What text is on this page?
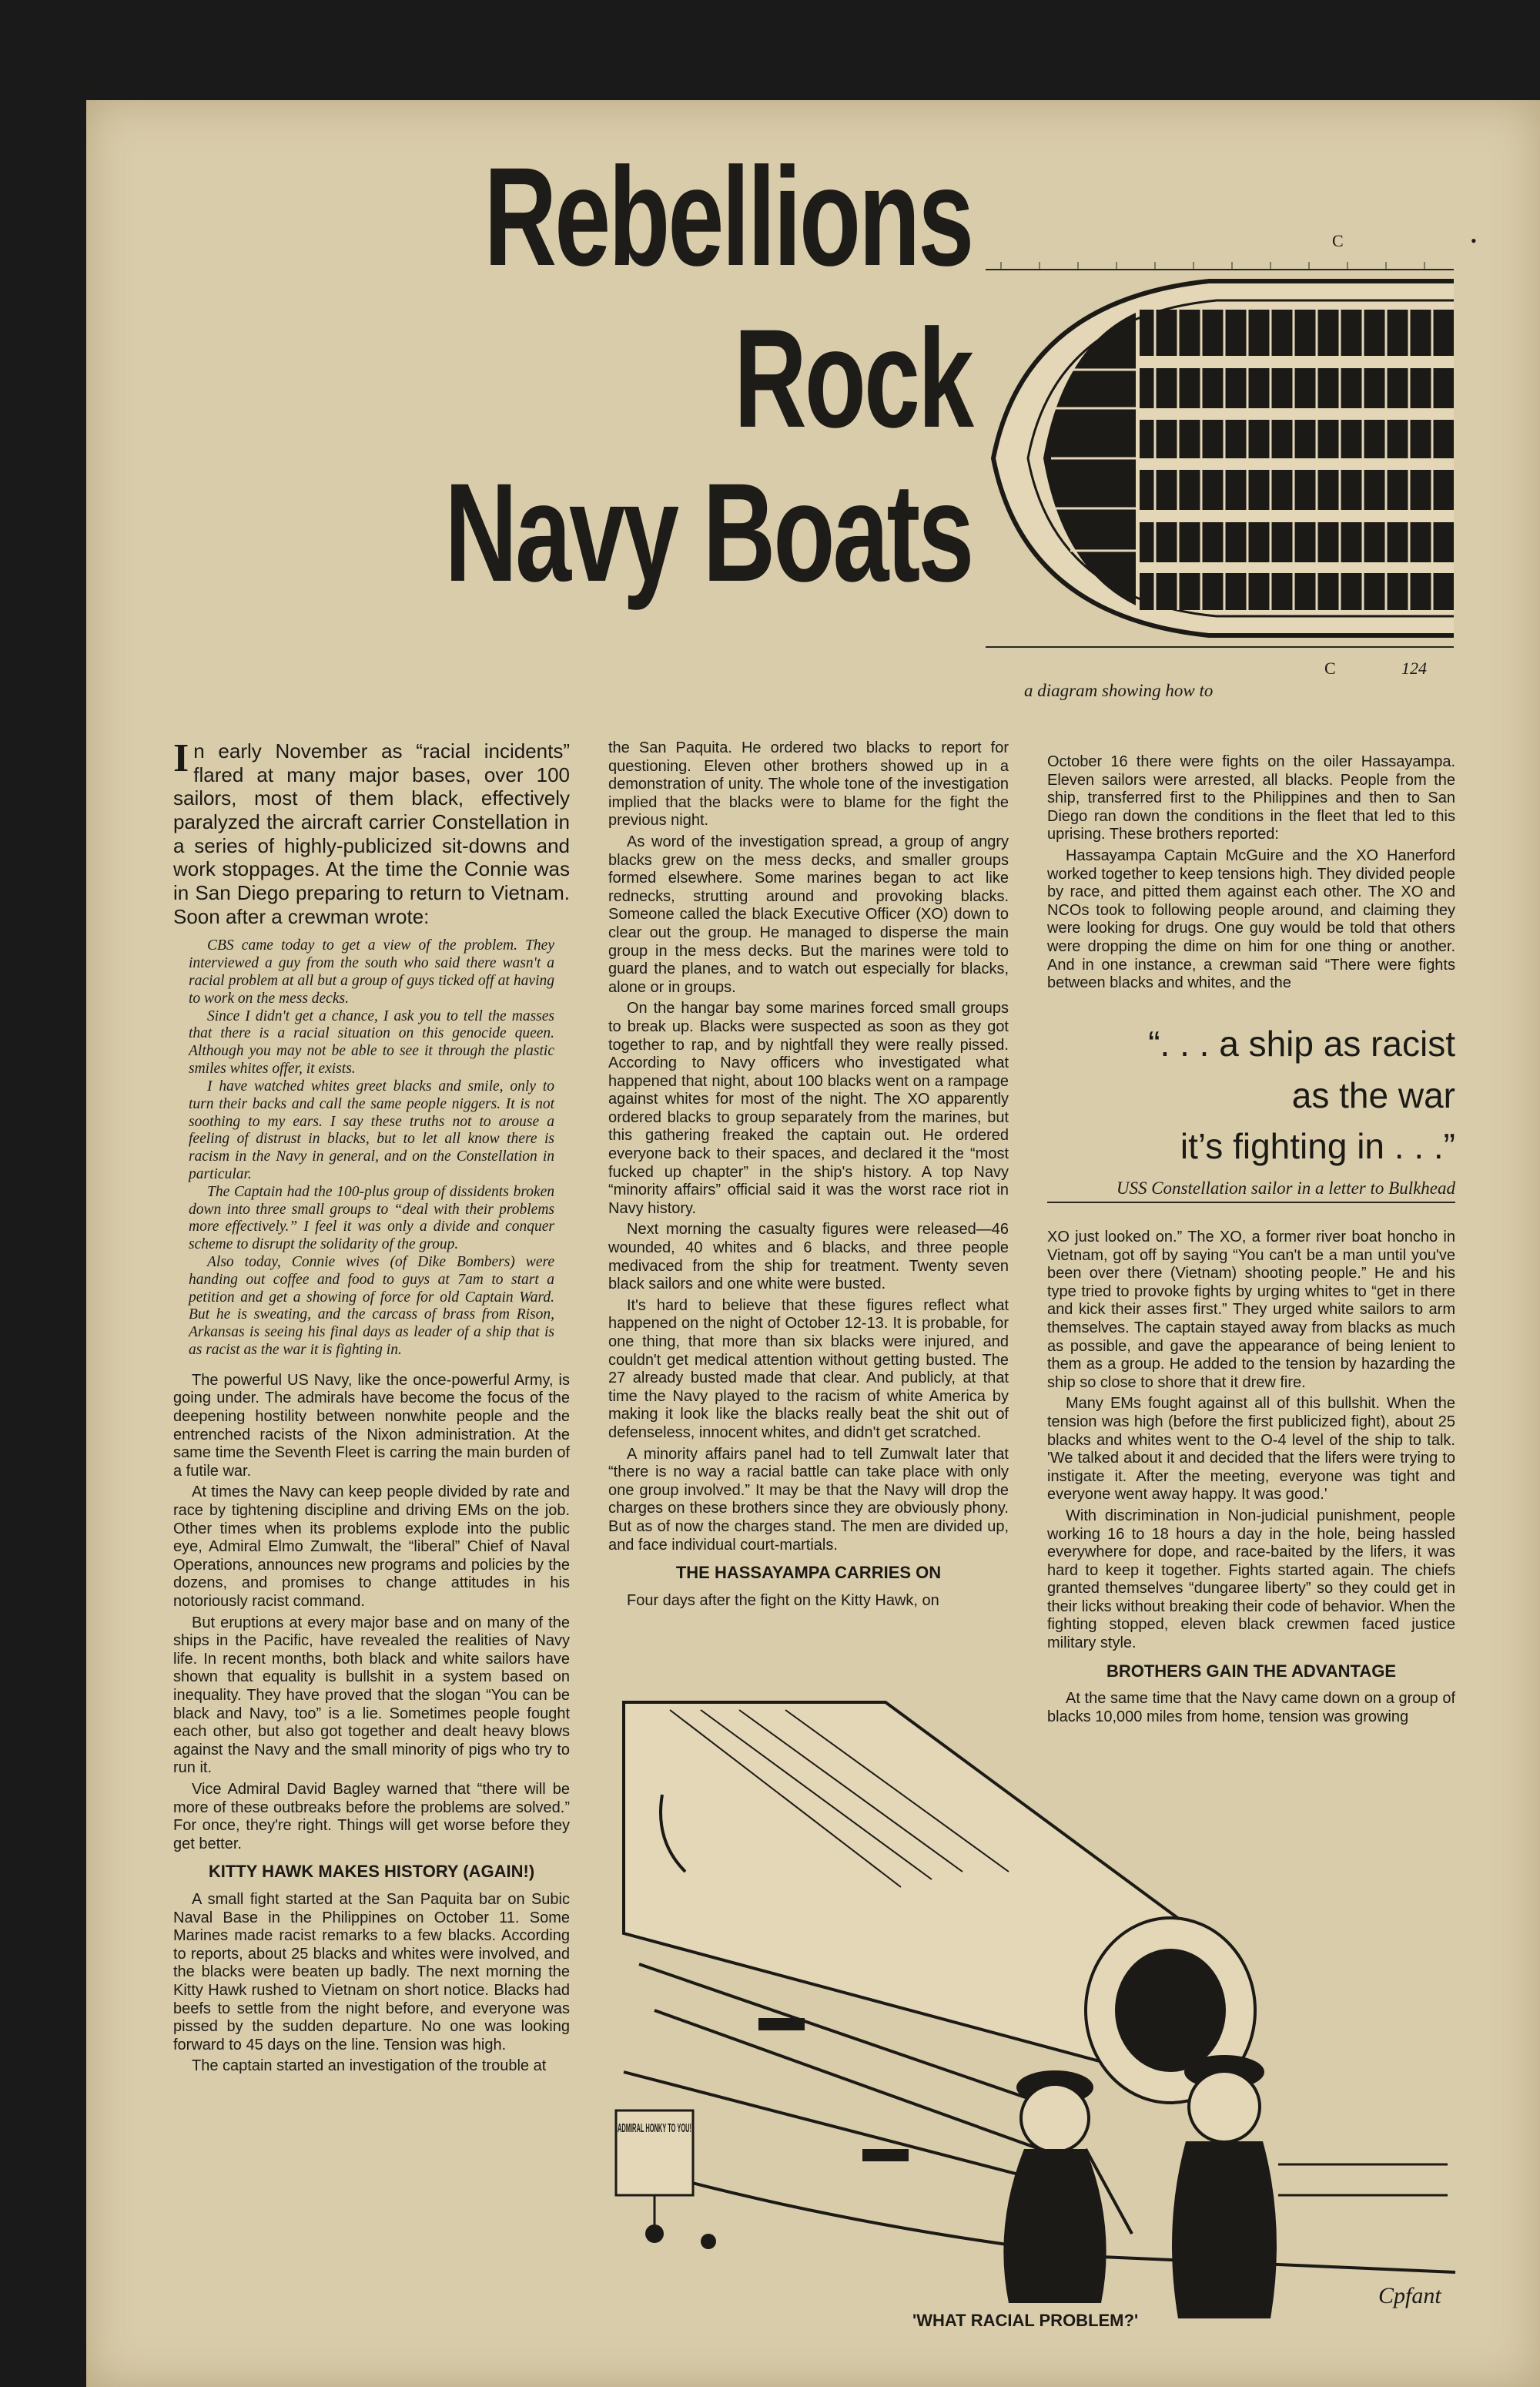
4
Rebellions
Rock
Navy Boats
C	•
C	124
a diagram showing how to
In early November as “racial incidents” flared at many major bases, over 100 sailors, most of them black, effectively paralyzed the aircraft carrier Constellation in a series of highly-publicized sit-downs and work stoppages. At the time the Connie was in San Diego preparing to return to Vietnam. Soon after a crewman wrote:

CBS came today to get a view of the problem. They interviewed a guy from the south who said there wasn't a racial problem at all but a group of guys ticked off at having to work on the mess decks.

Since I didn't get a chance, I ask you to tell the masses that there is a racial situation on this genocide queen. Although you may not be able to see it through the plastic smiles whites offer, it exists.

I have watched whites greet blacks and smile, only to turn their backs and call the same people niggers. It is not soothing to my ears. I say these truths not to arouse a feeling of distrust in blacks, but to let all know there is racism in the Navy in general, and on the Constellation in particular.

The Captain had the 100-plus group of dissidents broken down into three small groups to “deal with their problems more effectively.” I feel it was only a divide and conquer scheme to disrupt the solidarity of the group.

Also today, Connie wives (of Dike Bombers) were handing out coffee and food to guys at 7am to start a petition and get a showing of force for old Captain Ward. But he is sweating, and the carcass of brass from Rison, Arkansas is seeing his final days as leader of a ship that is as racist as the war it is fighting in.

The powerful US Navy, like the once-powerful Army, is going under. The admirals have become the focus of the deepening hostility between nonwhite people and the entrenched racists of the Nixon administration. At the same time the Seventh Fleet is carring the main burden of a futile war.

At times the Navy can keep people divided by rate and race by tightening discipline and driving EMs on the job. Other times when its problems explode into the public eye, Admiral Elmo Zumwalt, the “liberal” Chief of Naval Operations, announces new programs and policies by the dozens, and promises to change attitudes in his notoriously racist command.

But eruptions at every major base and on many of the ships in the Pacific, have revealed the realities of Navy life. In recent months, both black and white sailors have shown that equality is bullshit in a system based on inequality. They have proved that the slogan “You can be black and Navy, too” is a lie. Sometimes people fought each other, but also got together and dealt heavy blows against the Navy and the small minority of pigs who try to run it.

Vice Admiral David Bagley warned that “there will be more of these outbreaks before the problems are solved.” For once, they're right. Things will get worse before they get better.

KITTY HAWK MAKES HISTORY (AGAIN!)

A small fight started at the San Paquita bar on Subic Naval Base in the Philippines on October 11. Some Marines made racist remarks to a few blacks. According to reports, about 25 blacks and whites were involved, and the blacks were beaten up badly. The next morning the Kitty Hawk rushed to Vietnam on short notice. Blacks had beefs to settle from the night before, and everyone was pissed by the sudden departure. No one was looking forward to 45 days on the line. Tension was high.

The captain started an investigation of the trouble at

the San Paquita. He ordered two blacks to report for questioning. Eleven other brothers showed up in a demonstration of unity. The whole tone of the investigation implied that the blacks were to blame for the fight the previous night.

As word of the investigation spread, a group of angry blacks grew on the mess decks, and smaller groups formed elsewhere. Some marines began to act like rednecks, strutting around and provoking blacks. Someone called the black Executive Officer (XO) down to clear out the group. He managed to disperse the main group in the mess decks. But the marines were told to guard the planes, and to watch out especially for blacks, alone or in groups.

On the hangar bay some marines forced small groups to break up. Blacks were suspected as soon as they got together to rap, and by nightfall they were really pissed. According to Navy officers who investigated what happened that night, about 100 blacks went on a rampage against whites for most of the night. The XO apparently ordered blacks to group separately from the marines, but this gathering freaked the captain out. He ordered everyone back to their spaces, and declared it the “most fucked up chapter” in the ship's history. A top Navy “minority affairs” official said it was the worst race riot in Navy history.

Next morning the casualty figures were released—46 wounded, 40 whites and 6 blacks, and three people medivaced from the ship for treatment. Twenty seven black sailors and one white were busted.

It's hard to believe that these figures reflect what happened on the night of October 12-13. It is probable, for one thing, that more than six blacks were injured, and couldn't get medical attention without getting busted. The 27 already busted made that clear. And publicly, at that time the Navy played to the racism of white America by making it look like the blacks really beat the shit out of defenseless, innocent whites, and didn't get scratched.

A minority affairs panel had to tell Zumwalt later that “there is no way a racial battle can take place with only one group involved.” It may be that the Navy will drop the charges on these brothers since they are obviously phony. But as of now the charges stand. The men are divided up, and face individual court-martials.

THE HASSAYAMPA CARRIES ON

Four days after the fight on the Kitty Hawk, on

October 16 there were fights on the oiler Hassayampa. Eleven sailors were arrested, all blacks. People from the ship, transferred first to the Philippines and then to San Diego ran down the conditions in the fleet that led to this uprising. These brothers reported:

Hassayampa Captain McGuire and the XO Hanerford worked together to keep tensions high. They divided people by race, and pitted them against each other. The XO and NCOs took to following people around, and claiming they were looking for drugs. One guy would be told that others were dropping the dime on him for one thing or another. And in one instance, a crewman said “There were fights between blacks and whites, and the

“. . . a ship as racist
as the war
it’s fighting in . . .”
USS Constellation sailor in a letter to Bulkhead

XO just looked on.” The XO, a former river boat honcho in Vietnam, got off by saying “You can't be a man until you've been over there (Vietnam) shooting people.” He and his type tried to provoke fights by urging whites to “get in there and kick their asses first.” They urged white sailors to arm themselves. The captain stayed away from blacks as much as possible, and gave the appearance of being lenient to them as a group. He added to the tension by hazarding the ship so close to shore that it drew fire.

Many EMs fought against all of this bullshit. When the tension was high (before the first publicized fight), about 25 blacks and whites went to the O-4 level of the ship to talk. 'We talked about it and decided that the lifers were trying to instigate it. After the meeting, everyone was tight and everyone went away happy. It was good.'

With discrimination in Non-judicial punishment, people working 16 to 18 hours a day in the hole, being hassled everywhere for dope, and race-baited by the lifers, it was hard to keep it together. Fights started again. The chiefs granted themselves “dungaree liberty” so they could get in their licks without breaking their code of behavior. When the fighting stopped, eleven black crewmen faced justice military style.

BROTHERS GAIN THE ADVANTAGE

At the same time that the Navy came down on a group of blacks 10,000 miles from home, tension was growing

ADMIRAL HONKY TO YOU!
Cpfant
'WHAT RACIAL PROBLEM?'
